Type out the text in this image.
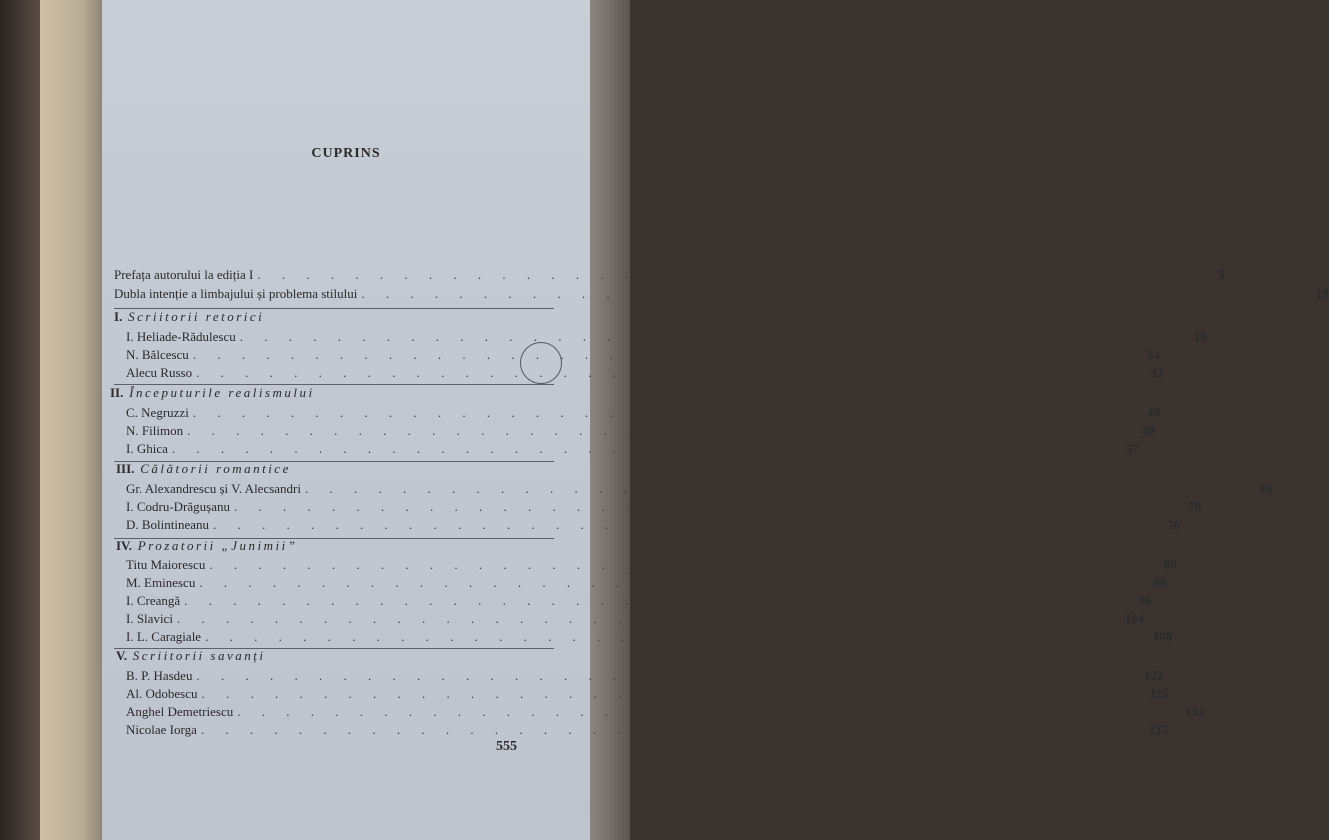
CUPRINS
Prefața autorului la ediția I . . . . . . . . . . . . . . . . . . . . . . . . . . . . . . . . . . . . . . .	5
Dubla intenție a limbajului și problema stilului . . . . . . . . . . . . . . . . . . . . . . . . . . . . . . . . . . . . . . . 13
I. Scriitorii retorici
I. Heliade-Rădulescu . . . . . . . . . . . . . . . . . . . . . . . . . . . . . . . . . . . . . . . 19
N. Bălcescu . . . . . . . . . . . . . . . . . . . . . . . . . . . . . . . . . . . . . . . 24
Alecu Russo . . . . . . . . . . . . . . . . . . . . . . . . . . . . . . . . . . . . . . . 32
II. Începuturile realismului
C. Negruzzi . . . . . . . . . . . . . . . . . . . . . . . . . . . . . . . . . . . . . . . 40
N. Filimon . . . . . . . . . . . . . . . . . . . . . . . . . . . . . . . . . . . . . . . 49
I. Ghica . . . . . . . . . . . . . . . . . . . . . . . . . . . . . . . . . . . . . . . 57
III. Călătorii romantice
Gr. Alexandrescu și V. Alecsandri . . . . . . . . . . . . . . . . . . . . . . . . . . . . . . . . . . . . . . . 63
I. Codru-Drăgușanu . . . . . . . . . . . . . . . . . . . . . . . . . . . . . . . . . . . . . . . 70
D. Bolintineanu . . . . . . . . . . . . . . . . . . . . . . . . . . . . . . . . . . . . . . . 76
IV. Prozatorii „Junimii”
Titu Maiorescu . . . . . . . . . . . . . . . . . . . . . . . . . . . . . . . . . . . . . . . 80
M. Eminescu . . . . . . . . . . . . . . . . . . . . . . . . . . . . . . . . . . . . . . . 88
I. Creangă . . . . . . . . . . . . . . . . . . . . . . . . . . . . . . . . . . . . . . . 96
I. Slavici . . . . . . . . . . . . . . . . . . . . . . . . . . . . . . . . . . . . . . . 104
I. L. Caragiale . . . . . . . . . . . . . . . . . . . . . . . . . . . . . . . . . . . . . . . 108
V. Scriitorii savanți
B. P. Hasdeu . . . . . . . . . . . . . . . . . . . . . . . . . . . . . . . . . . . . . . . 122
Al. Odobescu . . . . . . . . . . . . . . . . . . . . . . . . . . . . . . . . . . . . . . . 125
Anghel Demetriescu . . . . . . . . . . . . . . . . . . . . . . . . . . . . . . . . . . . . . . . 132
Nicolae Iorga . . . . . . . . . . . . . . . . . . . . . . . . . . . . . . . . . . . . . . . 135
555
